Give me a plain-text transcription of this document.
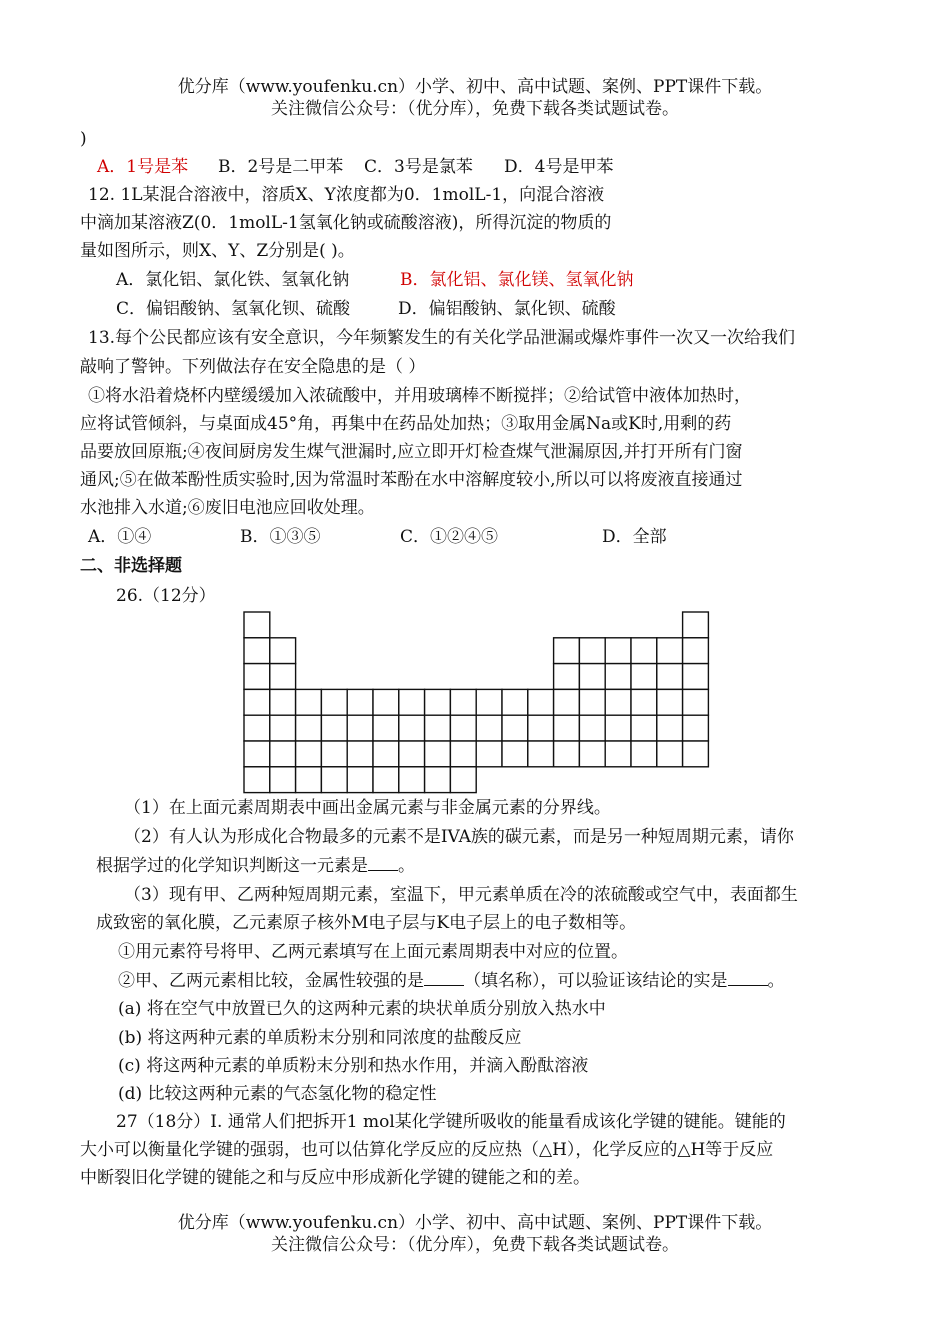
优分库（www.youfenku.cn）小学、初中、高中试题、案例、PPT课件下载。
关注微信公众号：（优分库），免费下载各类试题试卷。
)
A．1号是苯 B．2号是二甲苯 C．3号是氯苯 D．4号是甲苯
12. 1L某混合溶液中，溶质X、Y浓度都为0．1molL-1，向混合溶液
中滴加某溶液Z(0．1molL-1氢氧化钠或硫酸溶液)，所得沉淀的物质的
量如图所示，则X、Y、Z分别是( )。
A．氯化铝、氯化铁、氢氧化钠	B．氯化铝、氯化镁、氢氧化钠
C．偏铝酸钠、氢氧化钡、硫酸	D．偏铝酸钠、氯化钡、硫酸
13.每个公民都应该有安全意识，今年频繁发生的有关化学品泄漏或爆炸事件一次又一次给我们
敲响了警钟。下列做法存在安全隐患的是（ ）
①将水沿着烧杯内壁缓缓加入浓硫酸中，并用玻璃棒不断搅拌；②给试管中液体加热时，
应将试管倾斜，与桌面成45°角，再集中在药品处加热；③取用金属Na或K时,用剩的药
品要放回原瓶;④夜间厨房发生煤气泄漏时,应立即开灯检查煤气泄漏原因,并打开所有门窗
通风;⑤在做苯酚性质实验时,因为常温时苯酚在水中溶解度较小,所以可以将废液直接通过
水池排入水道;⑥废旧电池应回收处理。
A．①④	B．①③⑤	C．①②④⑤	D．全部
二、非选择题
26.（12分）
（1）在上面元素周期表中画出金属元素与非金属元素的分界线。
（2）有人认为形成化合物最多的元素不是IVA族的碳元素，而是另一种短周期元素，请你
根据学过的化学知识判断这一元素是 。
（3）现有甲、乙两种短周期元素，室温下，甲元素单质在冷的浓硫酸或空气中，表面都生
成致密的氧化膜，乙元素原子核外M电子层与K电子层上的电子数相等。
①用元素符号将甲、乙两元素填写在上面元素周期表中对应的位置。
②甲、乙两元素相比较，金属性较强的是 （填名称），可以验证该结论的实是 。
(a) 将在空气中放置已久的这两种元素的块状单质分别放入热水中
(b) 将这两种元素的单质粉末分别和同浓度的盐酸反应
(c) 将这两种元素的单质粉末分别和热水作用，并滴入酚酞溶液
(d) 比较这两种元素的气态氢化物的稳定性
27（18分）Ⅰ. 通常人们把拆开1 mol某化学键所吸收的能量看成该化学键的键能。键能的
大小可以衡量化学键的强弱，也可以估算化学反应的反应热（△H），化学反应的△H等于反应
中断裂旧化学键的键能之和与反应中形成新化学键的键能之和的差。
优分库（www.youfenku.cn）小学、初中、高中试题、案例、PPT课件下载。
关注微信公众号：（优分库），免费下载各类试题试卷。
